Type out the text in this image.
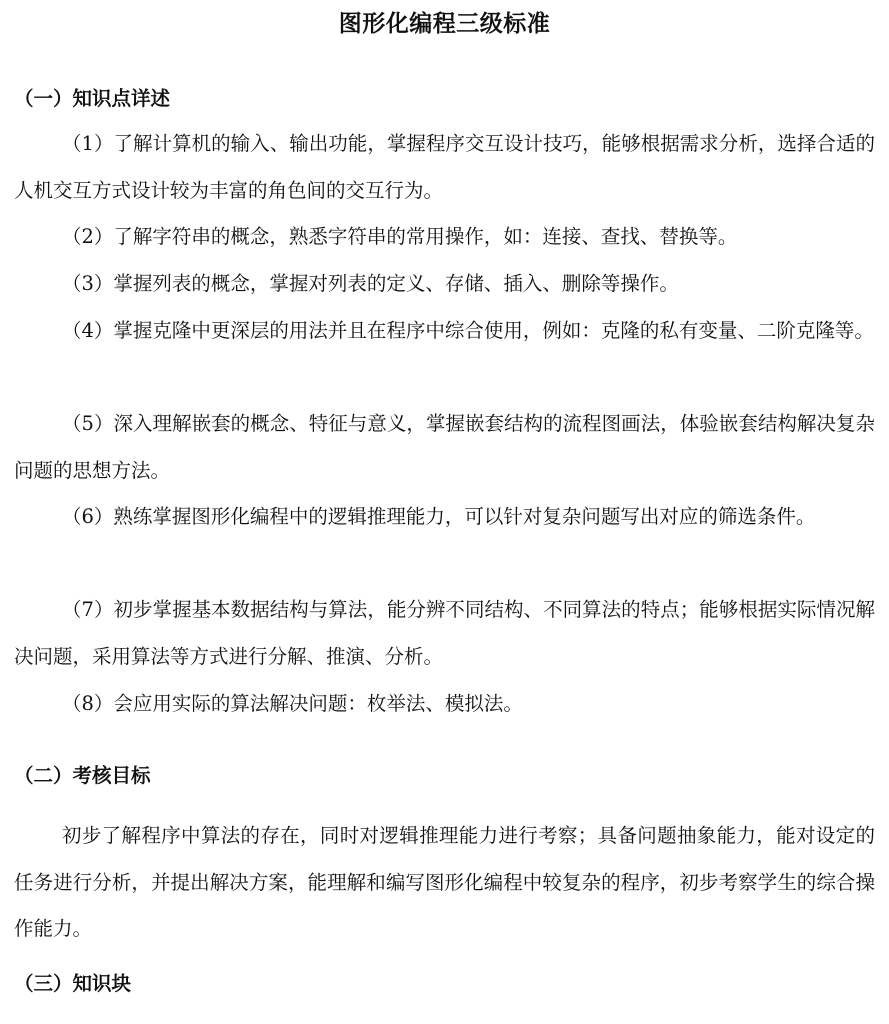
图形化编程三级标准
（一）知识点详述

（1）了解计算机的输入、输出功能，掌握程序交互设计技巧，能够根据需求分析，选择合适的人机交互方式设计较为丰富的角色间的交互行为。

（2）了解字符串的概念，熟悉字符串的常用操作，如：连接、查找、替换等。

（3）掌握列表的概念，掌握对列表的定义、存储、插入、删除等操作。

（4）掌握克隆中更深层的用法并且在程序中综合使用，例如：克隆的私有变量、二阶克隆等。

（5）深入理解嵌套的概念、特征与意义，掌握嵌套结构的流程图画法，体验嵌套结构解决复杂问题的思想方法。

（6）熟练掌握图形化编程中的逻辑推理能力，可以针对复杂问题写出对应的筛选条件。

（7）初步掌握基本数据结构与算法，能分辨不同结构、不同算法的特点；能够根据实际情况解决问题，采用算法等方式进行分解、推演、分析。

（8）会应用实际的算法解决问题：枚举法、模拟法。

（二）考核目标

初步了解程序中算法的存在，同时对逻辑推理能力进行考察；具备问题抽象能力，能对设定的任务进行分析，并提出解决方案，能理解和编写图形化编程中较复杂的程序，初步考察学生的综合操作能力。

（三）知识块
